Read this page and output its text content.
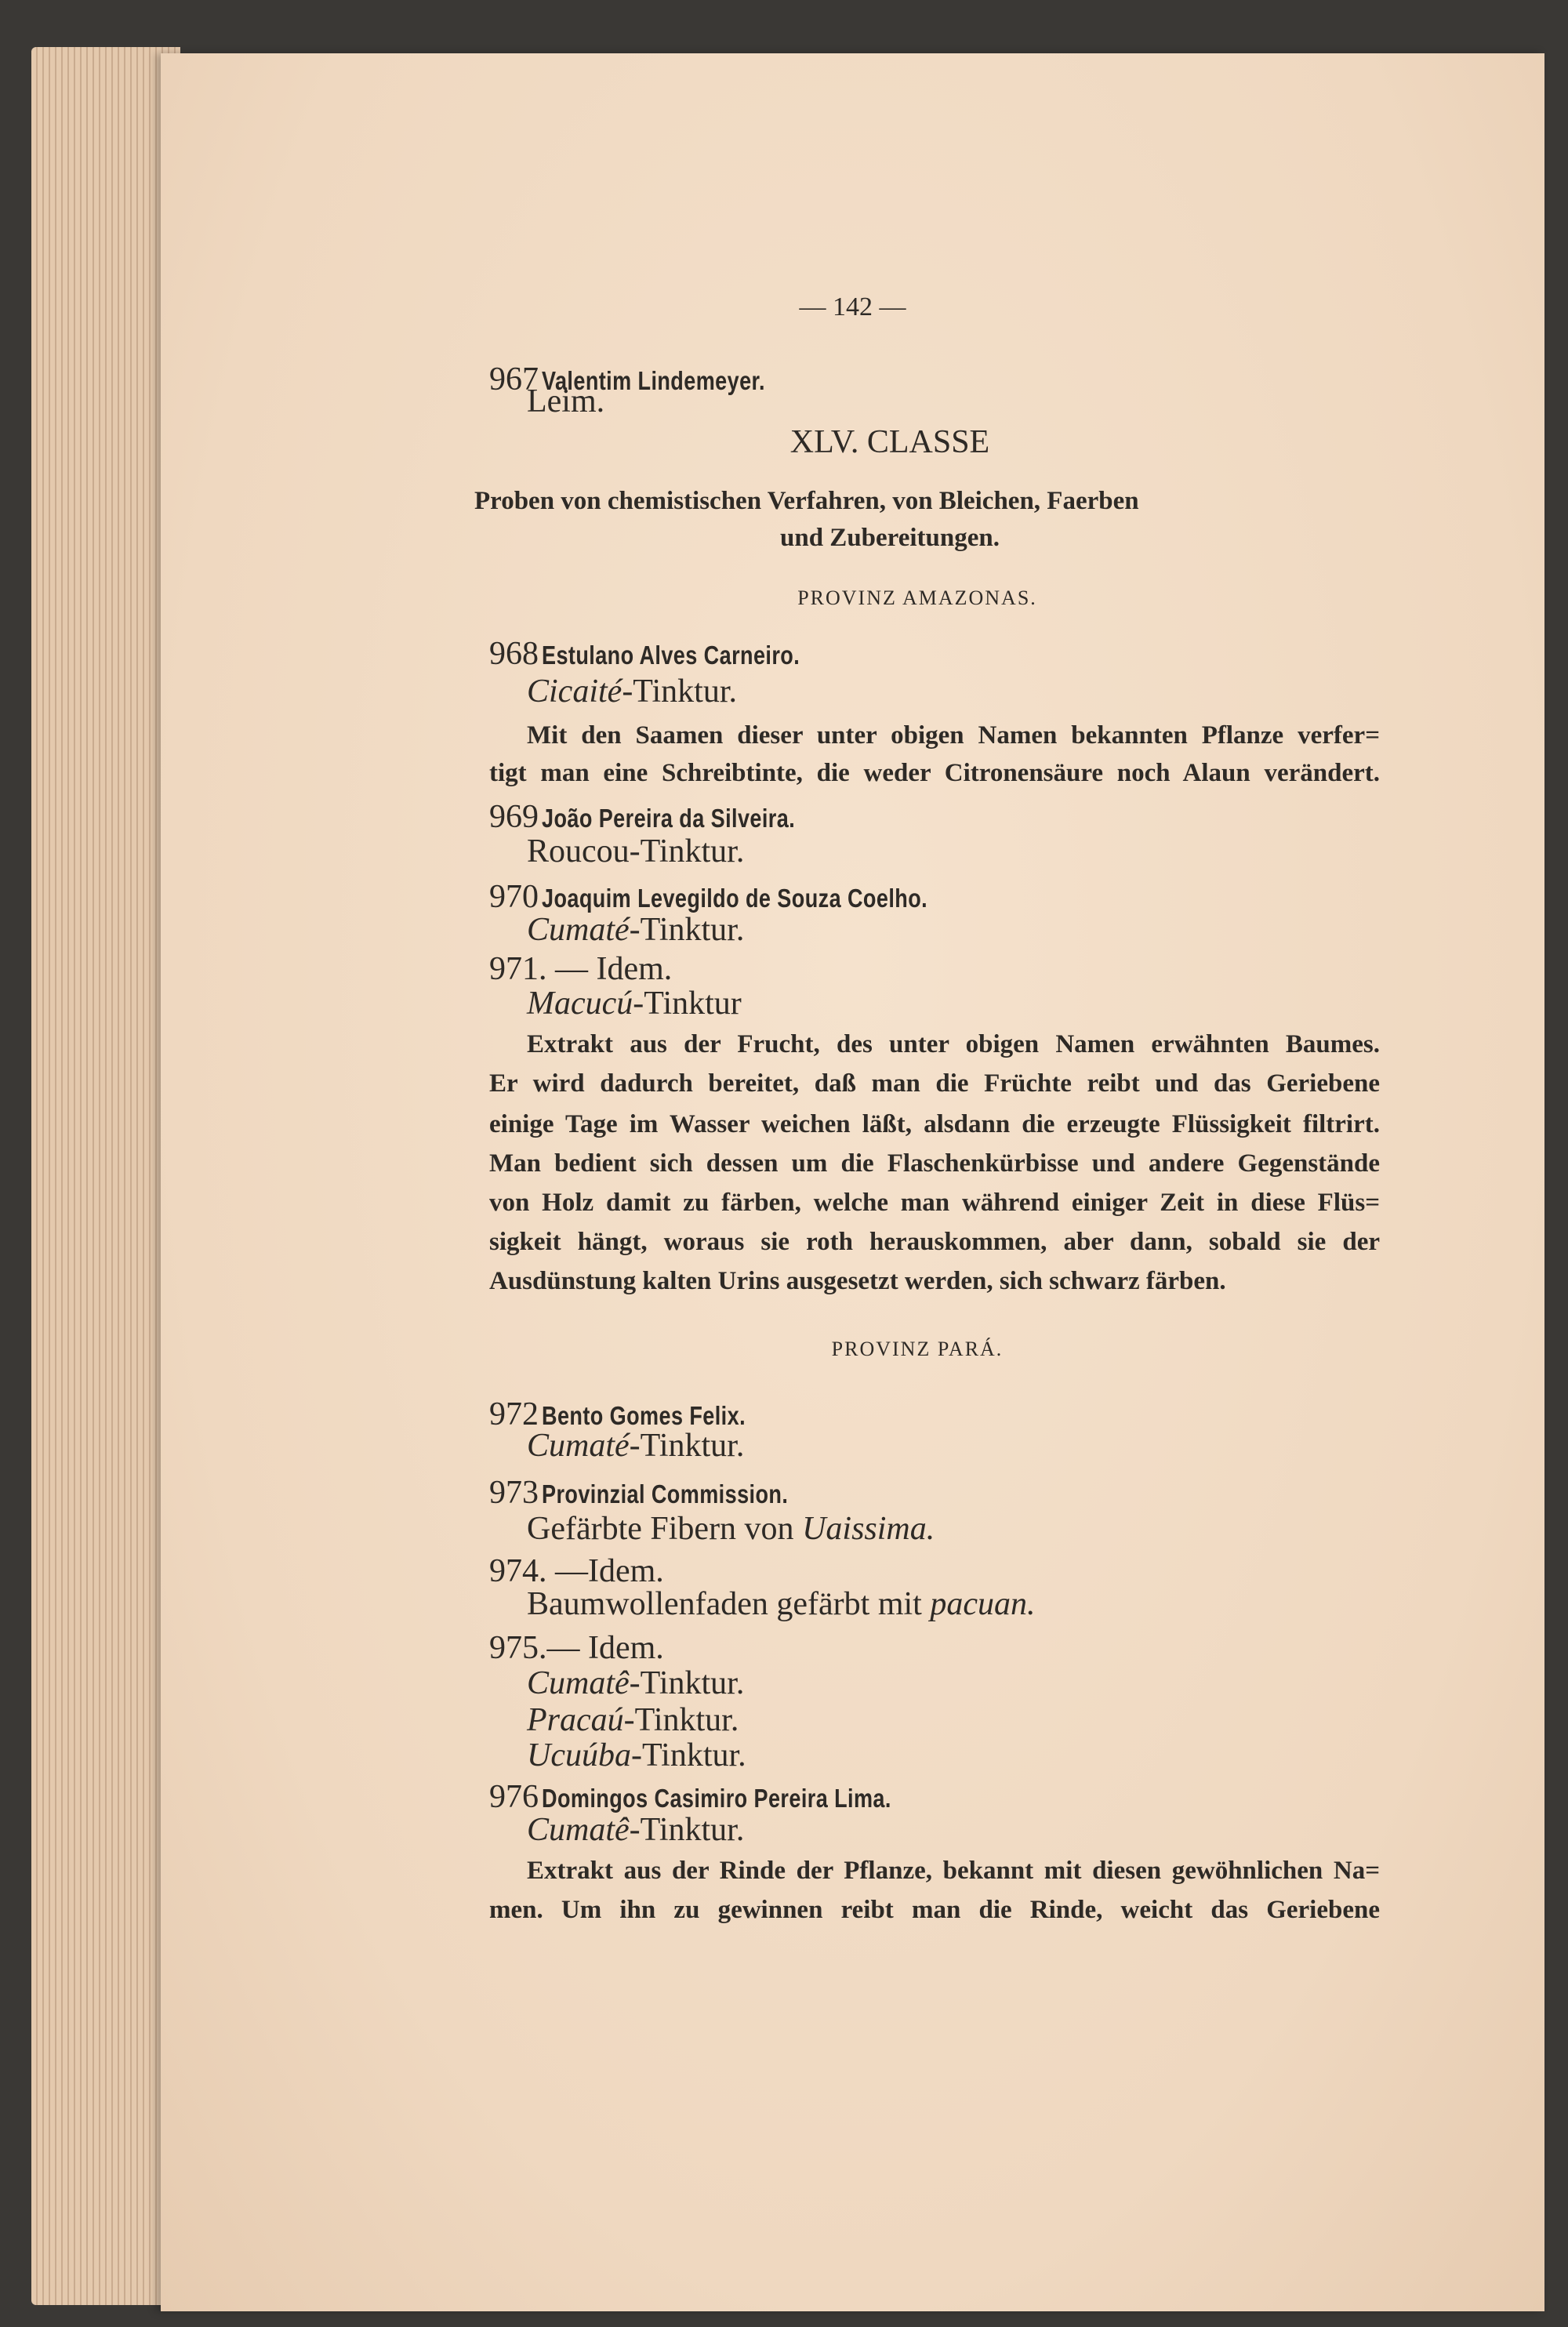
— 142 —
967 Valentim Lindemeyer.
Leim.
XLV. CLASSE
Proben von chemistischen Verfahren, von Bleichen, Faerben
und Zubereitungen.
PROVINZ AMAZONAS.
968 Estulano Alves Carneiro.
Cicaité-Tinktur.
Mit den Saamen dieser unter obigen Namen bekannten Pflanze verfer=
tigt man eine Schreibtinte, die weder Citronensäure noch Alaun verändert.
969 João Pereira da Silveira.
Roucou-Tinktur.
970 Joaquim Levegildo de Souza Coelho.
Cumaté-Tinktur.
971. — Idem.
Macucú-Tinktur
Extrakt aus der Frucht, des unter obigen Namen erwähnten Baumes.
Er wird dadurch bereitet, daß man die Früchte reibt und das Geriebene
einige Tage im Wasser weichen läßt, alsdann die erzeugte Flüssigkeit filtrirt.
Man bedient sich dessen um die Flaschenkürbisse und andere Gegenstände
von Holz damit zu färben, welche man während einiger Zeit in diese Flüs=
sigkeit hängt, woraus sie roth herauskommen, aber dann, sobald sie der
Ausdünstung kalten Urins ausgesetzt werden, sich schwarz färben.
PROVINZ PARÁ.
972 Bento Gomes Felix.
Cumaté-Tinktur.
973 Provinzial Commission.
Gefärbte Fibern von Uaissima.
974. —Idem.
Baumwollenfaden gefärbt mit pacuan.
975.— Idem.
Cumatê-Tinktur.
Pracaú-Tinktur.
Ucuúba-Tinktur.
976 Domingos Casimiro Pereira Lima.
Cumatê-Tinktur.
Extrakt aus der Rinde der Pflanze, bekannt mit diesen gewöhnlichen Na=
men. Um ihn zu gewinnen reibt man die Rinde, weicht das Geriebene
